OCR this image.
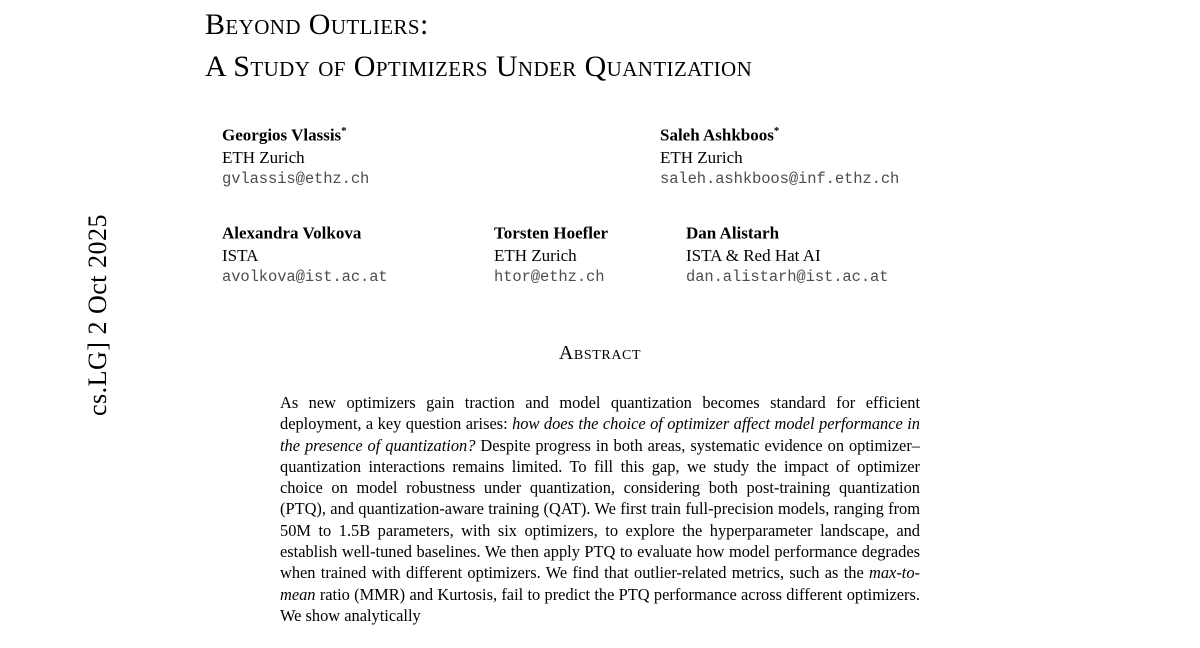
cs.LG] 2 Oct 2025
Beyond Outliers:
A Study of Optimizers Under Quantization
Georgios Vlassis*
ETH Zurich
gvlassis@ethz.ch
Saleh Ashkboos*
ETH Zurich
saleh.ashkboos@inf.ethz.ch
Alexandra Volkova
ISTA
avolkova@ist.ac.at
Torsten Hoefler
ETH Zurich
htor@ethz.ch
Dan Alistarh
ISTA & Red Hat AI
dan.alistarh@ist.ac.at
Abstract
As new optimizers gain traction and model quantization becomes standard for efficient deployment, a key question arises: how does the choice of optimizer affect model performance in the presence of quantization? Despite progress in both areas, systematic evidence on optimizer–quantization interactions remains limited. To fill this gap, we study the impact of optimizer choice on model robustness under quantization, considering both post-training quantization (PTQ), and quantization-aware training (QAT). We first train full-precision models, ranging from 50M to 1.5B parameters, with six optimizers, to explore the hyperparameter landscape, and establish well-tuned baselines. We then apply PTQ to evaluate how model performance degrades when trained with different optimizers. We find that outlier-related metrics, such as the max-to-mean ratio (MMR) and Kurtosis, fail to predict the PTQ performance across different optimizers. We show analytically
